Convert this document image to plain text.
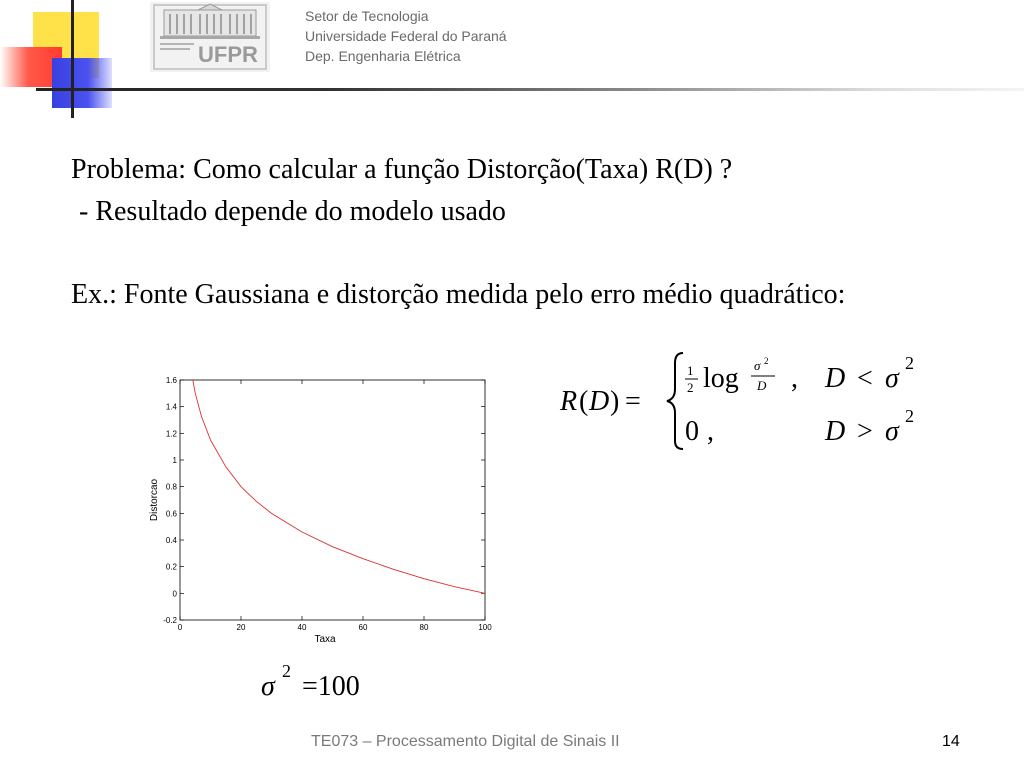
UFPR
Setor de Tecnologia
Universidade Federal do Paraná
Dep. Engenharia Elétrica
Problema: Como calcular a função Distorção(Taxa) R(D) ?
- Resultado depende do modelo usado
Ex.: Fonte Gaussiana e distorção medida pelo erro médio quadrático:
0	20	40	60	80	100
-0.2
0
0.2
0.4
0.6
0.8
1
1.2
1.4
1.6
Taxa
Distorcao
R ( D ) =
1
2 log σ 2
D , D < σ 2
0 ,	D > σ 2
σ 2 =100
TE073 – Processamento Digital de Sinais II	14
